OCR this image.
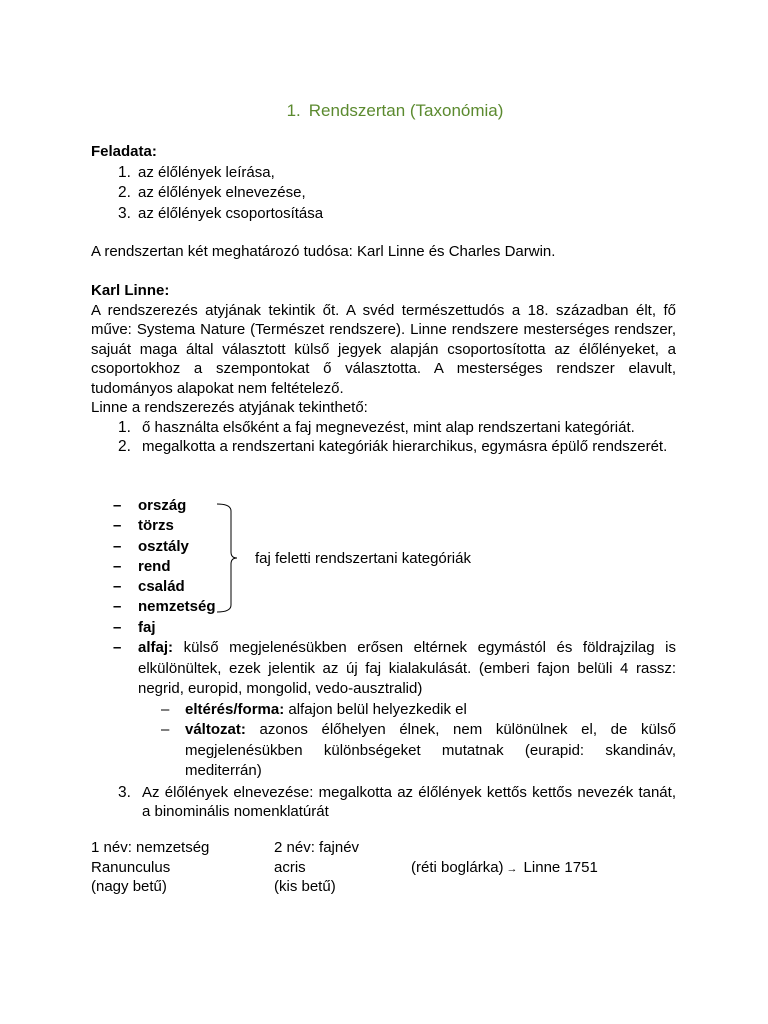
1. Rendszertan (Taxonómia)
Feladata:
1. az élőlények leírása,
2. az élőlények elnevezése,
3. az élőlények csoportosítása
A rendszertan két meghatározó tudósa: Karl Linne és Charles Darwin.
Karl Linne:
A rendszerezés atyjának tekintik őt. A svéd természettudós a 18. században élt, fő műve: Systema Nature (Természet rendszere). Linne rendszere mesterséges rendszer, sajuát maga által választott külső jegyek alapján csoportosította az élőlényeket, a csoportokhoz a szempontokat ő választotta. A mesterséges rendszer elavult, tudományos alapokat nem feltételező.
Linne a rendszerezés atyjának tekinthető:
1. ő használta elsőként a faj megnevezést, mint alap rendszertani kategóriát.
2. megalkotta a rendszertani kategóriák hierarchikus, egymásra épülő rendszerét.
– ország
– törzs
– osztály
– rend
– család
– nemzetség
– faj
– alfaj: külső megjelenésükben erősen eltérnek egymástól és földrajzilag is elkülönültek, ezek jelentik az új faj kialakulását. (emberi fajon belüli 4 rassz: negrid, europid, mongolid, vedo-ausztralid)
– eltérés/forma: alfajon belül helyezkedik el
– változat: azonos élőhelyen élnek, nem különülnek el, de külső megjelenésükben különbségeket mutatnak (eurapid: skandináv, mediterrán)
3. Az élőlények elnevezése: megalkotta az élőlények kettős kettős nevezék tanát, a binominális nomenklatúrát
faj feletti rendszertani kategóriák
1 név: nemzetség	2 név: fajnév
Ranunculus	acris	(réti boglárka) → Linne 1751
(nagy betű)	(kis betű)
